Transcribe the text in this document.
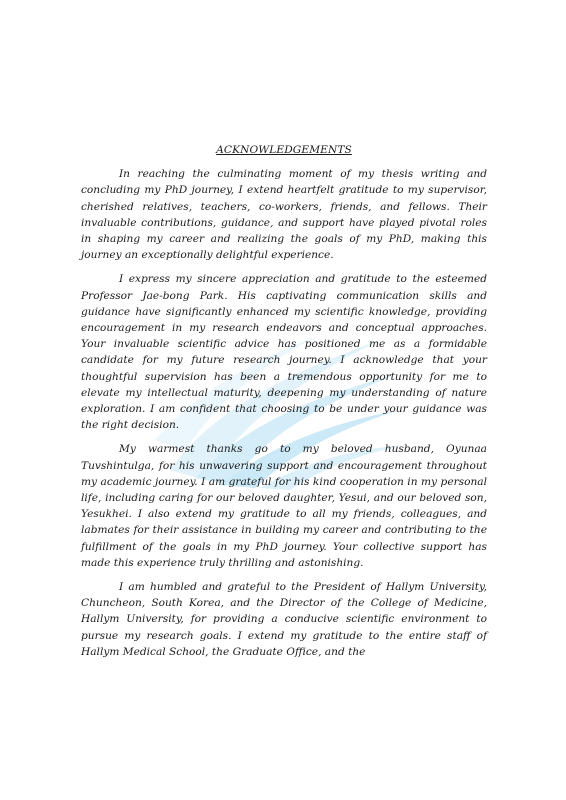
ACKNOWLEDGEMENTS

In reaching the culminating moment of my thesis writing and concluding my PhD journey, I extend heartfelt gratitude to my supervisor, cherished relatives, teachers, co-workers, friends, and fellows. Their invaluable contributions, guidance, and support have played pivotal roles in shaping my career and realizing the goals of my PhD, making this journey an exceptionally delightful experience.

I express my sincere appreciation and gratitude to the esteemed Professor Jae-bong Park. His captivating communication skills and guidance have significantly enhanced my scientific knowledge, providing encouragement in my research endeavors and conceptual approaches. Your invaluable scientific advice has positioned me as a formidable candidate for my future research journey. I acknowledge that your thoughtful supervision has been a tremendous opportunity for me to elevate my intellectual maturity, deepening my understanding of nature exploration. I am confident that choosing to be under your guidance was the right decision.

My warmest thanks go to my beloved husband, Oyunaa Tuvshintulga, for his unwavering support and encouragement throughout my academic journey. I am grateful for his kind cooperation in my personal life, including caring for our beloved daughter, Yesui, and our beloved son, Yesukhei. I also extend my gratitude to all my friends, colleagues, and labmates for their assistance in building my career and contributing to the fulfillment of the goals in my PhD journey. Your collective support has made this experience truly thrilling and astonishing.

I am humbled and grateful to the President of Hallym University, Chuncheon, South Korea, and the Director of the College of Medicine, Hallym University, for providing a conducive scientific environment to pursue my research goals. I extend my gratitude to the entire staff of Hallym Medical School, the Graduate Office, and the
